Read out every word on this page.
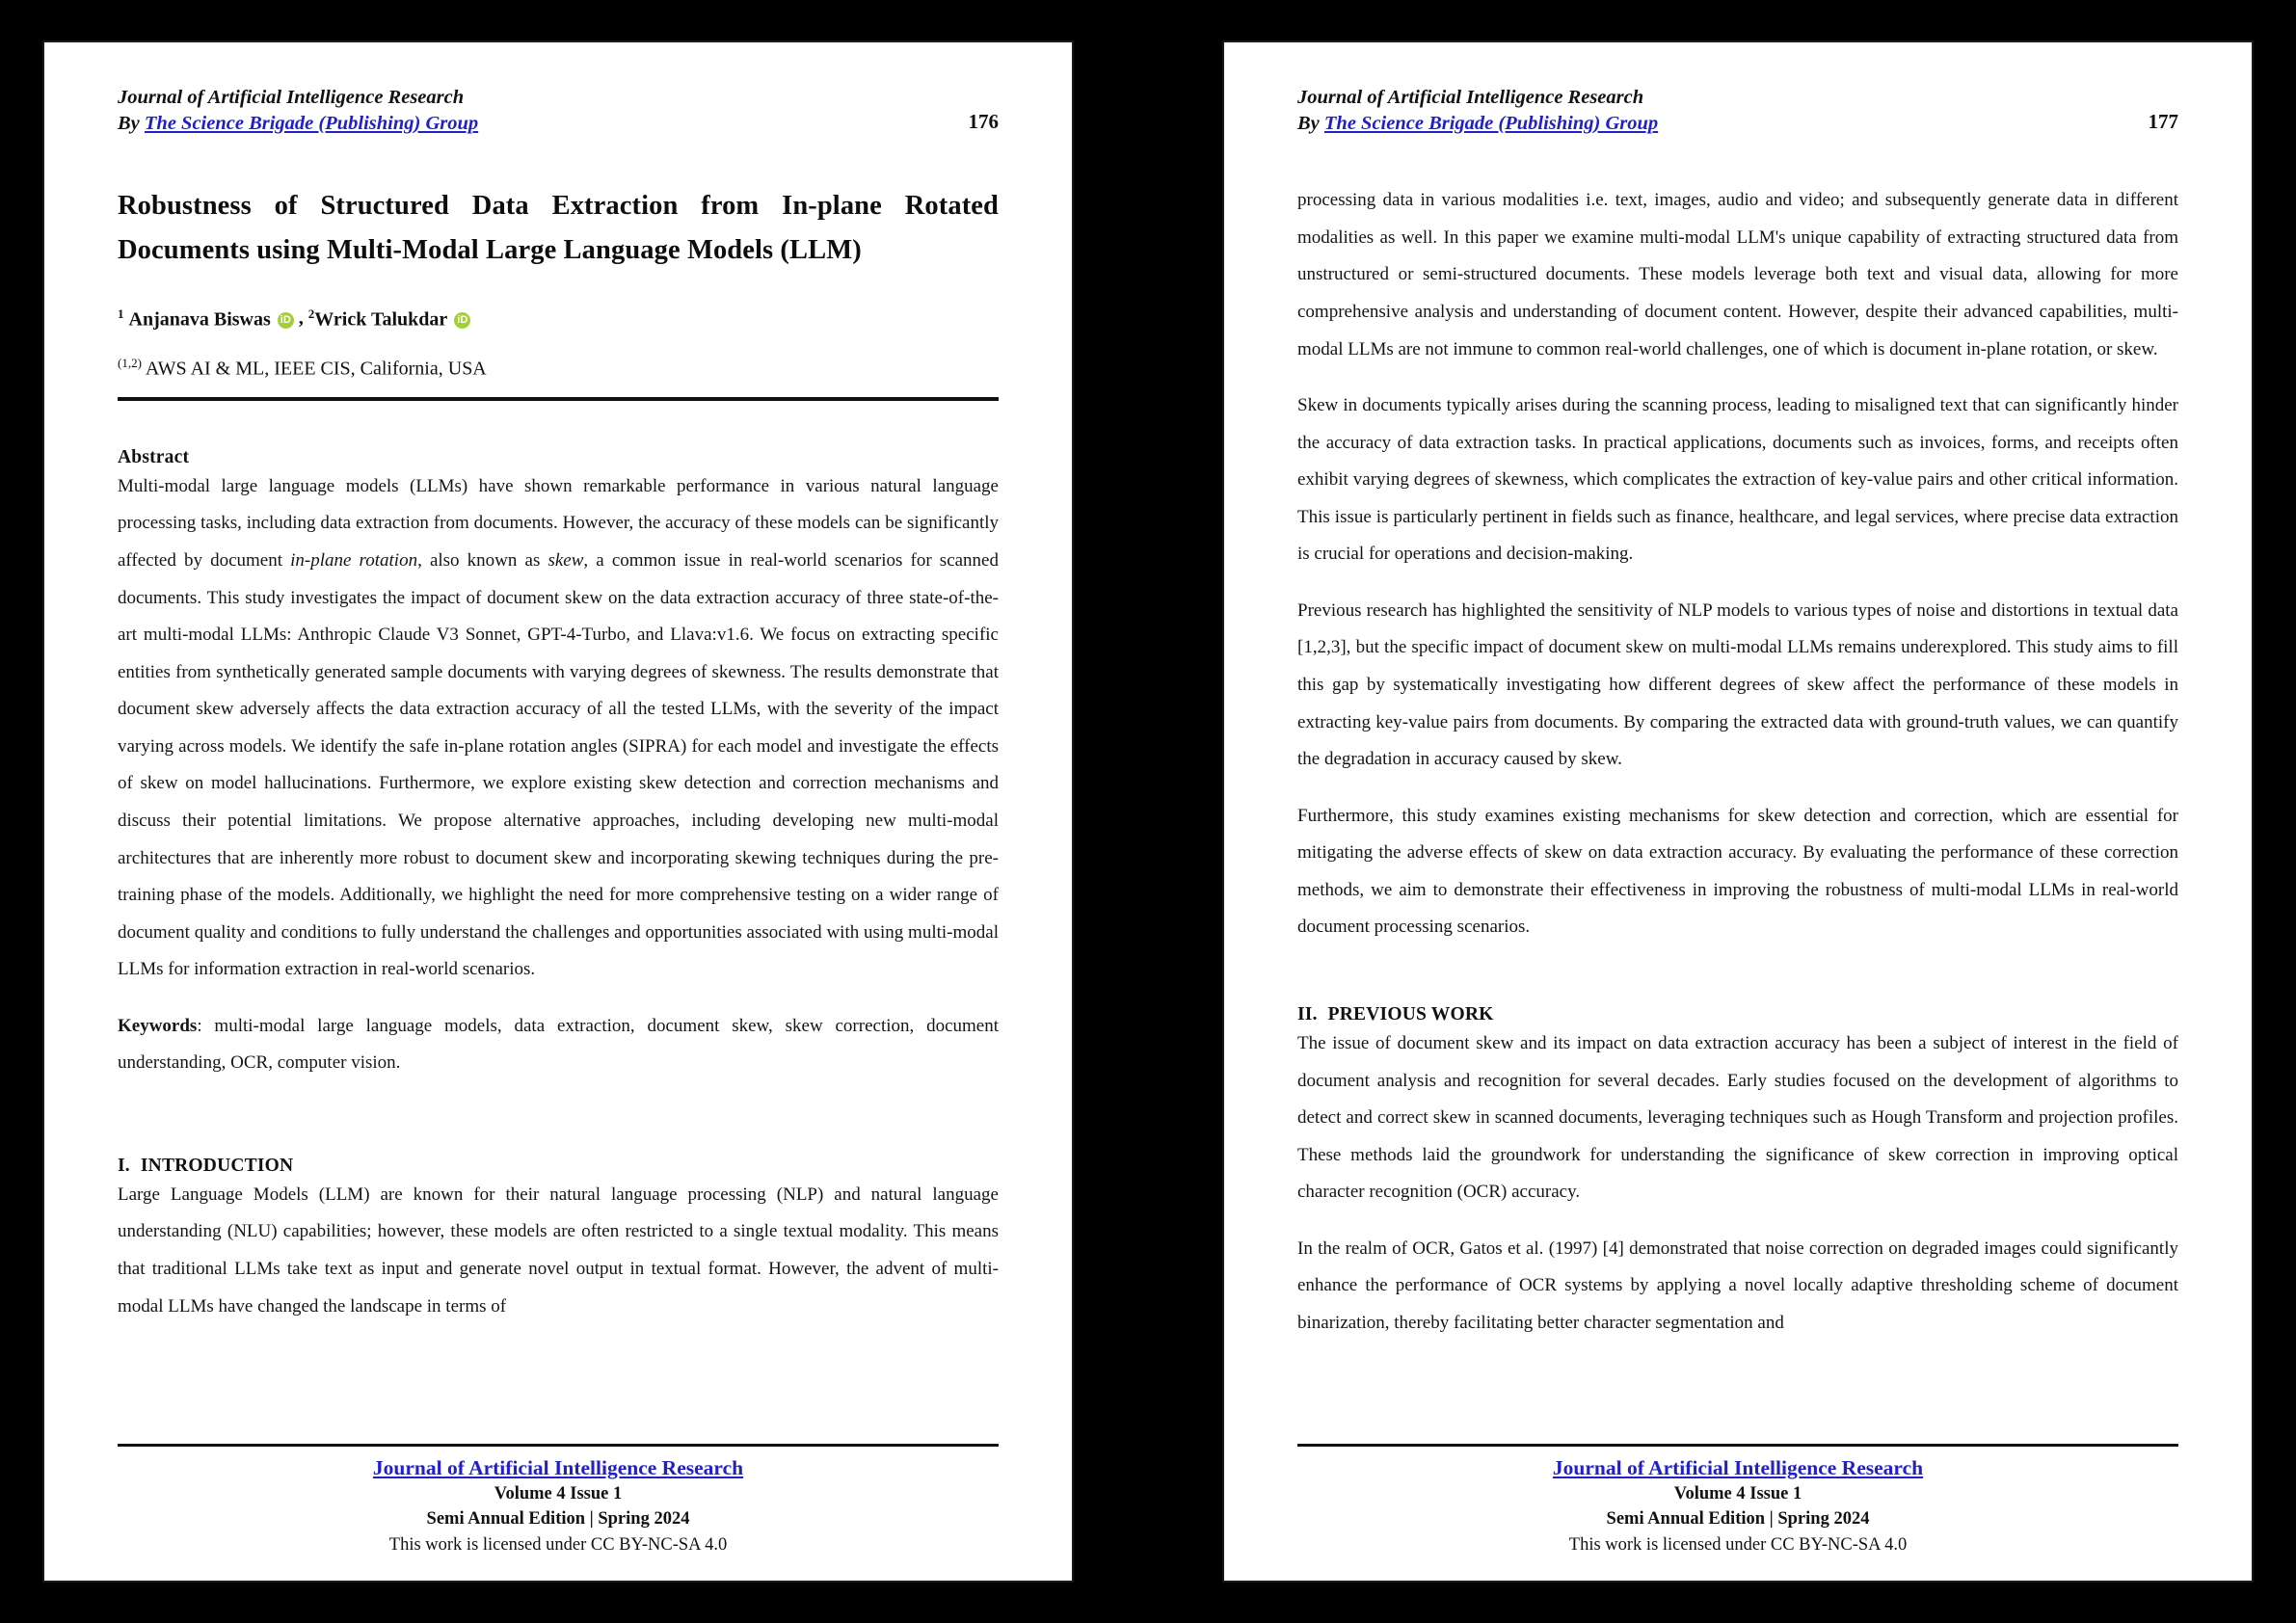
Journal of Artificial Intelligence Research
By The Science Brigade (Publishing) Group	176
Robustness of Structured Data Extraction from In-plane Rotated Documents using Multi-Modal Large Language Models (LLM)
$^1$ Anjanava Biswas iD , $^2$Wrick Talukdar iD
$^{(1,2)}$ AWS AI & ML, IEEE CIS, California, USA
Abstract

Multi-modal large language models (LLMs) have shown remarkable performance in various natural language processing tasks, including data extraction from documents. However, the accuracy of these models can be significantly affected by document in-plane rotation, also known as skew, a common issue in real-world scenarios for scanned documents. This study investigates the impact of document skew on the data extraction accuracy of three state-of-the-art multi-modal LLMs: Anthropic Claude V3 Sonnet, GPT-4-Turbo, and Llava:v1.6. We focus on extracting specific entities from synthetically generated sample documents with varying degrees of skewness. The results demonstrate that document skew adversely affects the data extraction accuracy of all the tested LLMs, with the severity of the impact varying across models. We identify the safe in-plane rotation angles (SIPRA) for each model and investigate the effects of skew on model hallucinations. Furthermore, we explore existing skew detection and correction mechanisms and discuss their potential limitations. We propose alternative approaches, including developing new multi-modal architectures that are inherently more robust to document skew and incorporating skewing techniques during the pre-training phase of the models. Additionally, we highlight the need for more comprehensive testing on a wider range of document quality and conditions to fully understand the challenges and opportunities associated with using multi-modal LLMs for information extraction in real-world scenarios.

Keywords: multi-modal large language models, data extraction, document skew, skew correction, document understanding, OCR, computer vision.

I. INTRODUCTION

Large Language Models (LLM) are known for their natural language processing (NLP) and natural language understanding (NLU) capabilities; however, these models are often restricted to a single textual modality. This means that traditional LLMs take text as input and generate novel output in textual format. However, the advent of multi-modal LLMs have changed the landscape in terms of

Journal of Artificial Intelligence Research
Volume 4 Issue 1
Semi Annual Edition | Spring 2024
This work is licensed under CC BY-NC-SA 4.0
Journal of Artificial Intelligence Research
By The Science Brigade (Publishing) Group	177

processing data in various modalities i.e. text, images, audio and video; and subsequently generate data in different modalities as well. In this paper we examine multi-modal LLM's unique capability of extracting structured data from unstructured or semi-structured documents. These models leverage both text and visual data, allowing for more comprehensive analysis and understanding of document content. However, despite their advanced capabilities, multi-modal LLMs are not immune to common real-world challenges, one of which is document in-plane rotation, or skew.

Skew in documents typically arises during the scanning process, leading to misaligned text that can significantly hinder the accuracy of data extraction tasks. In practical applications, documents such as invoices, forms, and receipts often exhibit varying degrees of skewness, which complicates the extraction of key-value pairs and other critical information. This issue is particularly pertinent in fields such as finance, healthcare, and legal services, where precise data extraction is crucial for operations and decision-making.

Previous research has highlighted the sensitivity of NLP models to various types of noise and distortions in textual data [1,2,3], but the specific impact of document skew on multi-modal LLMs remains underexplored. This study aims to fill this gap by systematically investigating how different degrees of skew affect the performance of these models in extracting key-value pairs from documents. By comparing the extracted data with ground-truth values, we can quantify the degradation in accuracy caused by skew.

Furthermore, this study examines existing mechanisms for skew detection and correction, which are essential for mitigating the adverse effects of skew on data extraction accuracy. By evaluating the performance of these correction methods, we aim to demonstrate their effectiveness in improving the robustness of multi-modal LLMs in real-world document processing scenarios.

II. PREVIOUS WORK

The issue of document skew and its impact on data extraction accuracy has been a subject of interest in the field of document analysis and recognition for several decades. Early studies focused on the development of algorithms to detect and correct skew in scanned documents, leveraging techniques such as Hough Transform and projection profiles. These methods laid the groundwork for understanding the significance of skew correction in improving optical character recognition (OCR) accuracy.

In the realm of OCR, Gatos et al. (1997) [4] demonstrated that noise correction on degraded images could significantly enhance the performance of OCR systems by applying a novel locally adaptive thresholding scheme of document binarization, thereby facilitating better character segmentation and

Journal of Artificial Intelligence Research
Volume 4 Issue 1
Semi Annual Edition | Spring 2024
This work is licensed under CC BY-NC-SA 4.0
